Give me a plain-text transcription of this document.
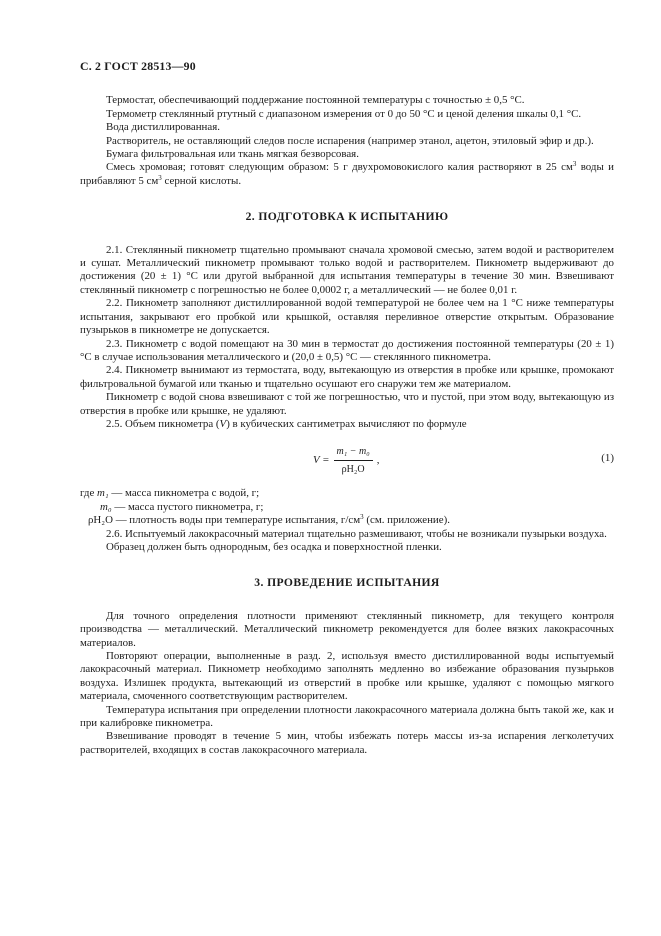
С. 2 ГОСТ 28513—90

Термостат, обеспечивающий поддержание постоянной температуры с точностью ± 0,5 °С.

Термометр стеклянный ртутный с диапазоном измерения от 0 до 50 °С и ценой деления шкалы 0,1 °С.

Вода дистиллированная.

Растворитель, не оставляющий следов после испарения (например этанол, ацетон, этиловый эфир и др.).

Бумага фильтровальная или ткань мягкая безворсовая.

Смесь хромовая; готовят следующим образом: 5 г двухромовокислого калия растворяют в 25 $см^3$ воды и прибавляют 5 $см^3$ серной кислоты.

2. ПОДГОТОВКА К ИСПЫТАНИЮ

2.1. Стеклянный пикнометр тщательно промывают сначала хромовой смесью, затем водой и растворителем и сушат. Металлический пикнометр промывают только водой и растворителем. Пикнометр выдерживают до достижения (20 ± 1) °С или другой выбранной для испытания температуры в течение 30 мин. Взвешивают стеклянный пикнометр с погрешностью не более 0,0002 г, а металлический — не более 0,01 г.

2.2. Пикнометр заполняют дистиллированной водой температурой не более чем на 1 °С ниже температуры испытания, закрывают его пробкой или крышкой, оставляя переливное отверстие открытым. Образование пузырьков в пикнометре не допускается.

2.3. Пикнометр с водой помещают на 30 мин в термостат до достижения постоянной температуры (20 ± 1) °С в случае использования металлического и (20,0 ± 0,5) °С — стеклянного пикнометра.

2.4. Пикнометр вынимают из термостата, воду, вытекающую из отверстия в пробке или крышке, промокают фильтровальной бумагой или тканью и тщательно осушают его снаружи тем же материалом.

Пикнометр с водой снова взвешивают с той же погрешностью, что и пустой, при этом воду, вытекающую из отверстия в пробке или крышке, не удаляют.

2.5. Объем пикнометра (V) в кубических сантиметрах вычисляют по формуле

$V = \frac{\text{m₁ − m₀}}{\text{ρH₂O}}$ ,	(1)
где m₁ — масса пикнометра с водой, г;
m₀ — масса пустого пикнометра, г;
ρH₂O — плотность воды при температуре испытания, $г/см^3$ (см. приложение).

2.6. Испытуемый лакокрасочный материал тщательно размешивают, чтобы не возникали пузырьки воздуха.

Образец должен быть однородным, без осадка и поверхностной пленки.

3. ПРОВЕДЕНИЕ ИСПЫТАНИЯ

Для точного определения плотности применяют стеклянный пикнометр, для текущего контроля производства — металлический. Металлический пикнометр рекомендуется для более вязких лакокрасочных материалов.

Повторяют операции, выполненные в разд. 2, используя вместо дистиллированной воды испытуемый лакокрасочный материал. Пикнометр необходимо заполнять медленно во избежание образования пузырьков воздуха. Излишек продукта, вытекающий из отверстий в пробке или крышке, удаляют с помощью мягкого материала, смоченного соответствующим растворителем.

Температура испытания при определении плотности лакокрасочного материала должна быть такой же, как и при калибровке пикнометра.

Взвешивание проводят в течение 5 мин, чтобы избежать потерь массы из-за испарения легколетучих растворителей, входящих в состав лакокрасочного материала.
